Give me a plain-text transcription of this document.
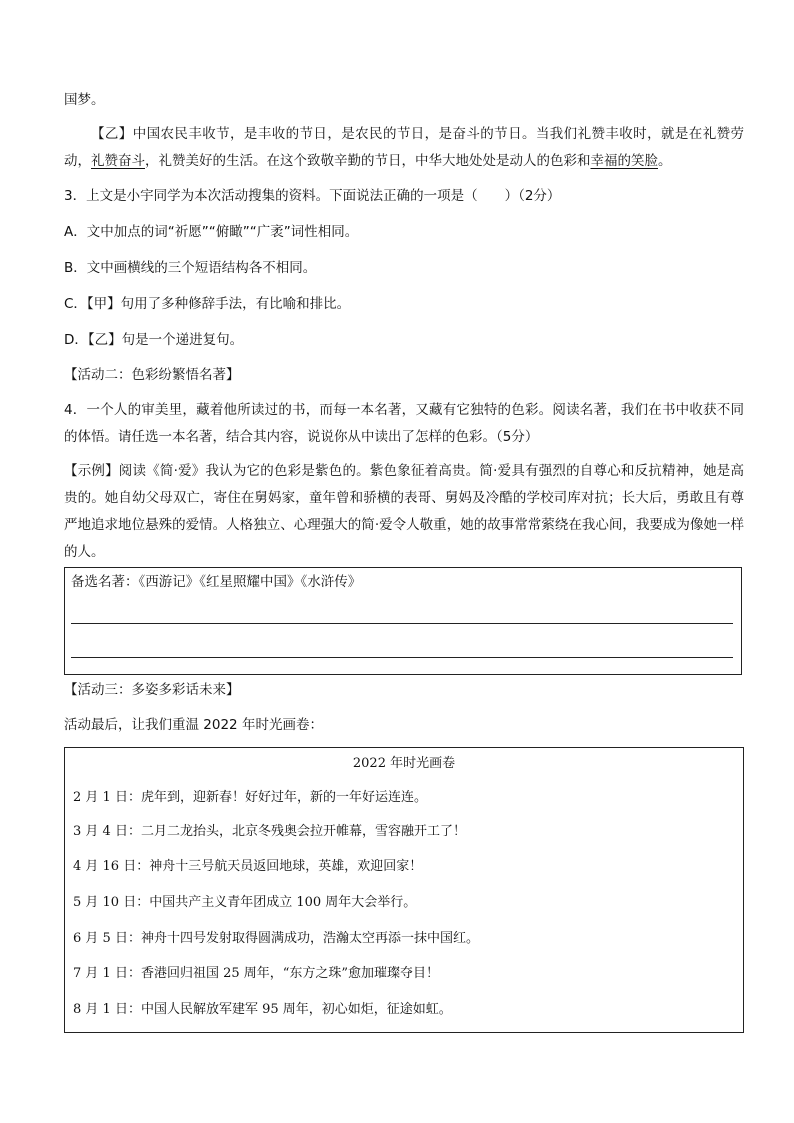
国梦。
【乙】中国农民丰收节，是丰收的节日，是农民的节日，是奋斗的节日。当我们礼赞丰收时，就是在礼赞劳动，礼赞奋斗，礼赞美好的生活。在这个致敬辛勤的节日，中华大地处处是动人的色彩和幸福的笑脸。
3．上文是小宇同学为本次活动搜集的资料。下面说法正确的一项是（　　）（2分）
A．文中加点的词“祈愿”“俯瞰”“广袤”词性相同。
B．文中画横线的三个短语结构各不相同。
C．【甲】句用了多种修辞手法，有比喻和排比。
D．【乙】句是一个递进复句。
【活动二：色彩纷繁悟名著】
4．一个人的审美里，藏着他所读过的书，而每一本名著，又藏有它独特的色彩。阅读名著，我们在书中收获不同的体悟。请任选一本名著，结合其内容，说说你从中读出了怎样的色彩。（5分）
【示例】阅读《简·爱》我认为它的色彩是紫色的。紫色象征着高贵。简·爱具有强烈的自尊心和反抗精神，她是高贵的。她自幼父母双亡，寄住在舅妈家，童年曾和骄横的表哥、舅妈及冷酷的学校司库对抗；长大后，勇敢且有尊严地追求地位悬殊的爱情。人格独立、心理强大的简·爱令人敬重，她的故事常常萦绕在我心间，我要成为像她一样的人。
备选名著：《西游记》《红星照耀中国》《水浒传》
【活动三：多姿多彩话未来】
活动最后，让我们重温 2022 年时光画卷：
2022 年时光画卷
2 月 1 日：虎年到，迎新春！好好过年，新的一年好运连连。
3 月 4 日：二月二龙抬头，北京冬残奥会拉开帷幕，雪容融开工了！
4 月 16 日：神舟十三号航天员返回地球，英雄，欢迎回家！
5 月 10 日：中国共产主义青年团成立 100 周年大会举行。
6 月 5 日：神舟十四号发射取得圆满成功，浩瀚太空再添一抹中国红。
7 月 1 日：香港回归祖国 25 周年，“东方之珠”愈加璀璨夺目！
8 月 1 日：中国人民解放军建军 95 周年，初心如炬，征途如虹。
